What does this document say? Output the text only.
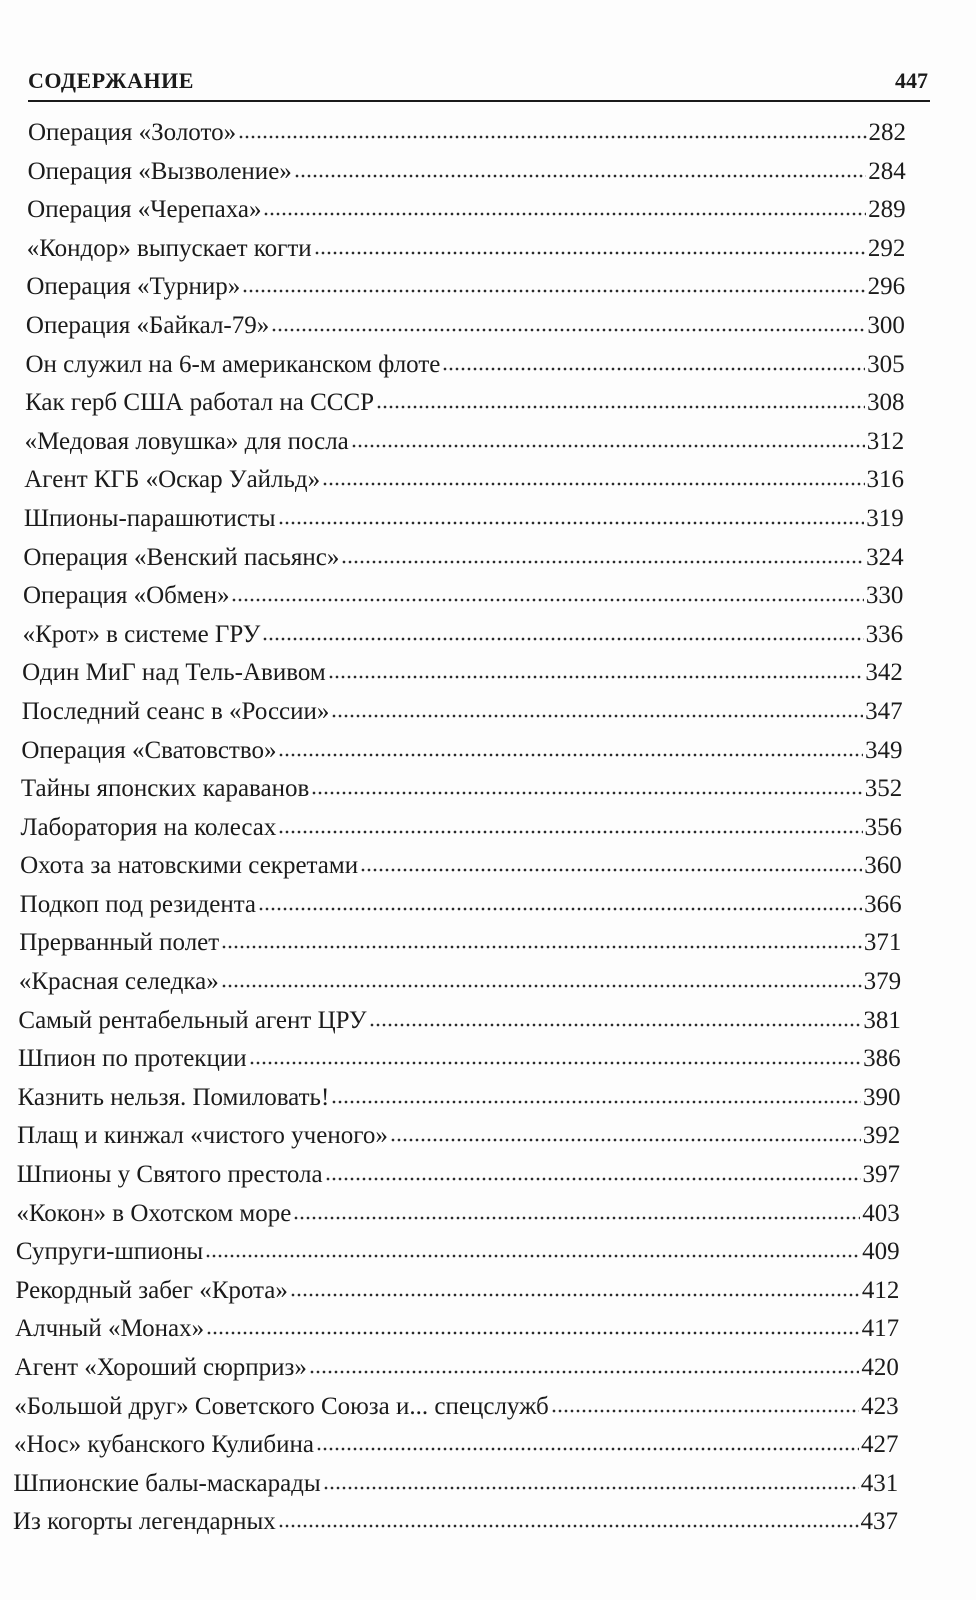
СОДЕРЖАНИЕ	447
Операция «Золото»	282
Операция «Вызволение»	284
Операция «Черепаха»	289
«Кондор» выпускает когти	292
Операция «Турнир»	296
Операция «Байкал-79»	300
Он служил на 6-м американском флоте	305
Как герб США работал на СССР	308
«Медовая ловушка» для посла	312
Агент КГБ «Оскар Уайльд»	316
Шпионы-парашютисты	319
Операция «Венский пасьянс»	324
Операция «Обмен»	330
«Крот» в системе ГРУ	336
Один МиГ над Тель-Авивом	342
Последний сеанс в «России»	347
Операция «Сватовство»	349
Тайны японских караванов	352
Лаборатория на колесах	356
Охота за натовскими секретами	360
Подкоп под резидента	366
Прерванный полет	371
«Красная селедка»	379
Самый рентабельный агент ЦРУ	381
Шпион по протекции	386
Казнить нельзя. Помиловать!	390
Плащ и кинжал «чистого ученого»	392
Шпионы у Святого престола	397
«Кокон» в Охотском море	403
Супруги-шпионы	409
Рекордный забег «Крота»	412
Алчный «Монах»	417
Агент «Хороший сюрприз»	420
«Большой друг» Советского Союза и... спецслужб	423
«Нос» кубанского Кулибина	427
Шпионские балы-маскарады	431
Из когорты легендарных	437
